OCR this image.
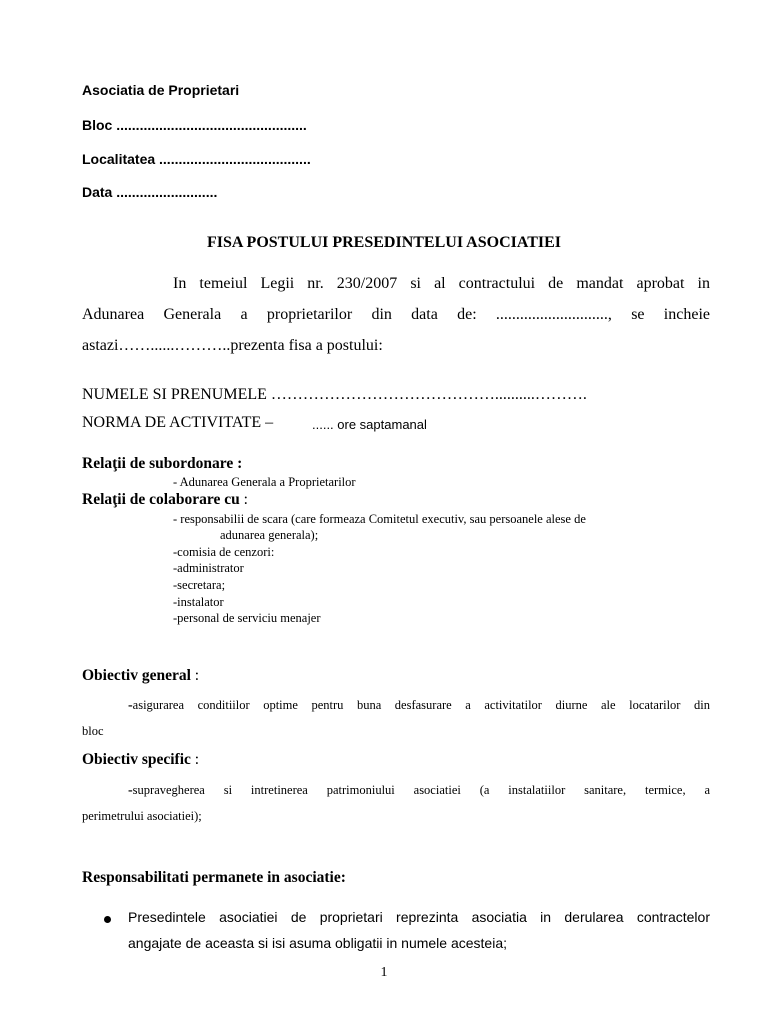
Asociatia de Proprietari
Bloc .................................................
Localitatea .......................................
Data ..........................
FISA POSTULUI PRESEDINTELUI ASOCIATIEI
In temeiul Legii nr. 230/2007 si al contractului de mandat aprobat in
Adunarea Generala a proprietarilor din data de: ............................, se incheie
astazi……......………..prezenta fisa a postului:
NUMELE SI PRENUMELE ……………………………………..........……….
NORMA DE ACTIVITATE –	...... ore saptamanal
Relaţii de subordonare :
- Adunarea Generala a Proprietarilor
Relaţii de colaborare cu :
- responsabilii de scara (care formeaza Comitetul executiv, sau persoanele alese de
adunarea generala);
-comisia de cenzori:
-administrator
-secretara;
-instalator
-personal de serviciu menajer
Obiectiv general :
-asigurarea conditiilor optime pentru buna desfasurare a activitatilor diurne ale locatarilor din
bloc
Obiectiv specific :
-supravegherea si intretinerea patrimoniului asociatiei (a instalatiilor sanitare, termice, a
perimetrului asociatiei);
Responsabilitati permanete in asociatie:
Presedintele asociatiei de proprietari reprezinta asociatia in derularea contractelor
angajate de aceasta si isi asuma obligatii in numele acesteia;
1
